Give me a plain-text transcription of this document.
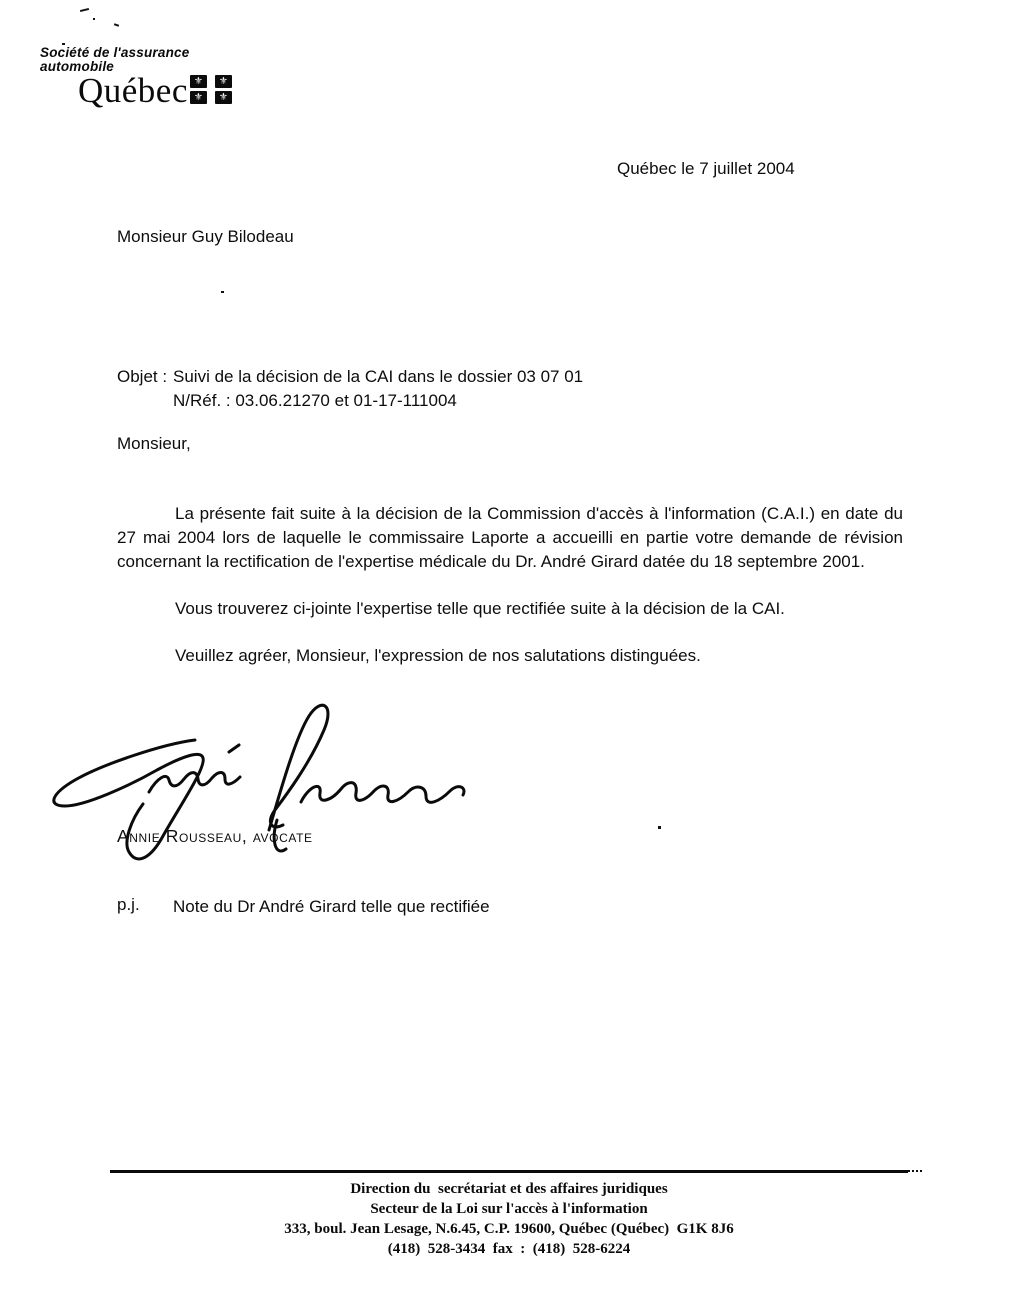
Société de l'assurance
automobile
Québec ⚜	⚜
⚜	⚜
Québec le 7 juillet 2004
Monsieur Guy Bilodeau
Objet : Suivi de la décision de la CAI dans le dossier 03 07 01
N/Réf. : 03.06.21270 et 01-17-111004
Monsieur,

La présente fait suite à la décision de la Commission d'accès à l'information (C.A.I.) en date du 27 mai 2004 lors de laquelle le commissaire Laporte a accueilli en partie votre demande de révision concernant la rectification de l'expertise médicale du Dr. André Girard datée du 18 septembre 2001.

Vous trouverez ci-jointe l'expertise telle que rectifiée suite à la décision de la CAI.

Veuillez agréer, Monsieur, l'expression de nos salutations distinguées.

Annie Rousseau, avocate
p.j.	Note du Dr André Girard telle que rectifiée
Direction du  secrétariat et des affaires juridiques
Secteur de la Loi sur l'accès à l'information
333, boul. Jean Lesage, N.6.45, C.P. 19600, Québec (Québec)  G1K 8J6
(418)  528-3434  fax  :  (418)  528-6224
